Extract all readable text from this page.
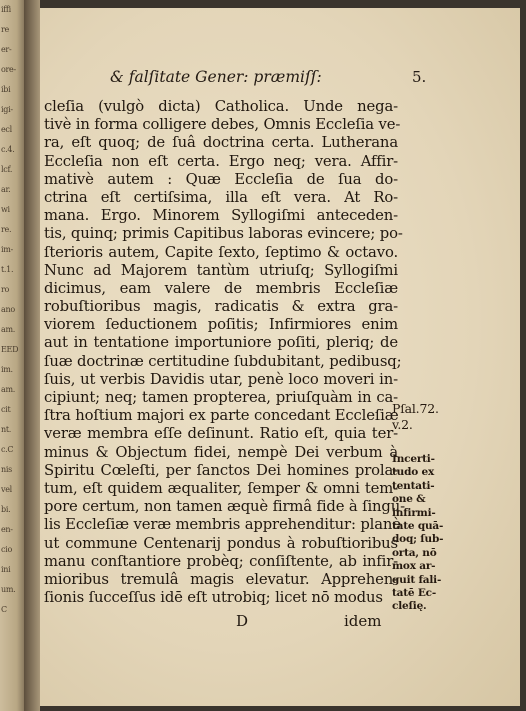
iffi
re
er-
ore-
ibi
igi-
ecl
c.4.
lcf.
ar.
wi
re.
im-
t.1.
ro
ano
am.
EED
im.
am.
cit
nt.
c.C
nis
vel
bi.
en-
cio
ini
um.
C
& falſitate Gener: præmiſſ:	5.
cleſia (vulgò dicta) Catholica. Unde nega-
tivè in forma colligere debes, Omnis Eccleſia ve-
ra, eſt quoq; de ſuâ doctrina certa. Lutherana
Eccleſia non eſt certa. Ergo neq; vera. Affir-
mativè autem : Quæ Eccleſia de ſua do-
ctrina eſt certiſsima, illa eſt vera. At Ro-
mana. Ergo. Minorem Syllogiſmi anteceden-
tis, quinq; primis Capitibus laboras evincere; po-
ſterioris autem, Capite ſexto, ſeptimo & octavo.
Nunc ad Majorem tantùm utriuſq; Syllogiſmi
dicimus, eam valere de membris Eccleſiæ
robuſtioribus magis, radicatis & extra gra-
viorem ſeductionem poſitis; Infirmiores enim
aut in tentatione importuniore poſiti, pleriq; de
ſuæ doctrinæ certitudine ſubdubitant, pedibusq;
ſuis, ut verbis Davidis utar, penè loco moveri in-
cipiunt; neq; tamen propterea, priuſquàm in ca-
ſtra hoſtium majori ex parte concedant Eccleſiæ
veræ membra eſſe deſinunt. Ratio eſt, quia ter-
minus & Objectum fidei, nempè Dei verbum à
Spiritu Cœleſti, per ſanctos Dei homines prola-
tum, eſt quidem æqualiter, ſemper & omni tem-
pore certum, non tamen æquè firmâ fide à ſingu-
lis Eccleſiæ veræ membris apprehenditur: planè
ut commune Centenarij pondus à robuſtioribus
manu conſtantiore probèq; conſiſtente, ab infir-
mioribus tremulâ magis elevatur. Apprehen-
ſionis ſucceſſus idē eſt utrobiq; licet nō modus
Pſal.72.
v.2.
Incerti-
tudo ex
tentati-
one &
infirmi-
tate quā-
doq; ſub-
orta, nō
mox ar-
guit fali-
tatē Ec-
cleſię.
D	idem
